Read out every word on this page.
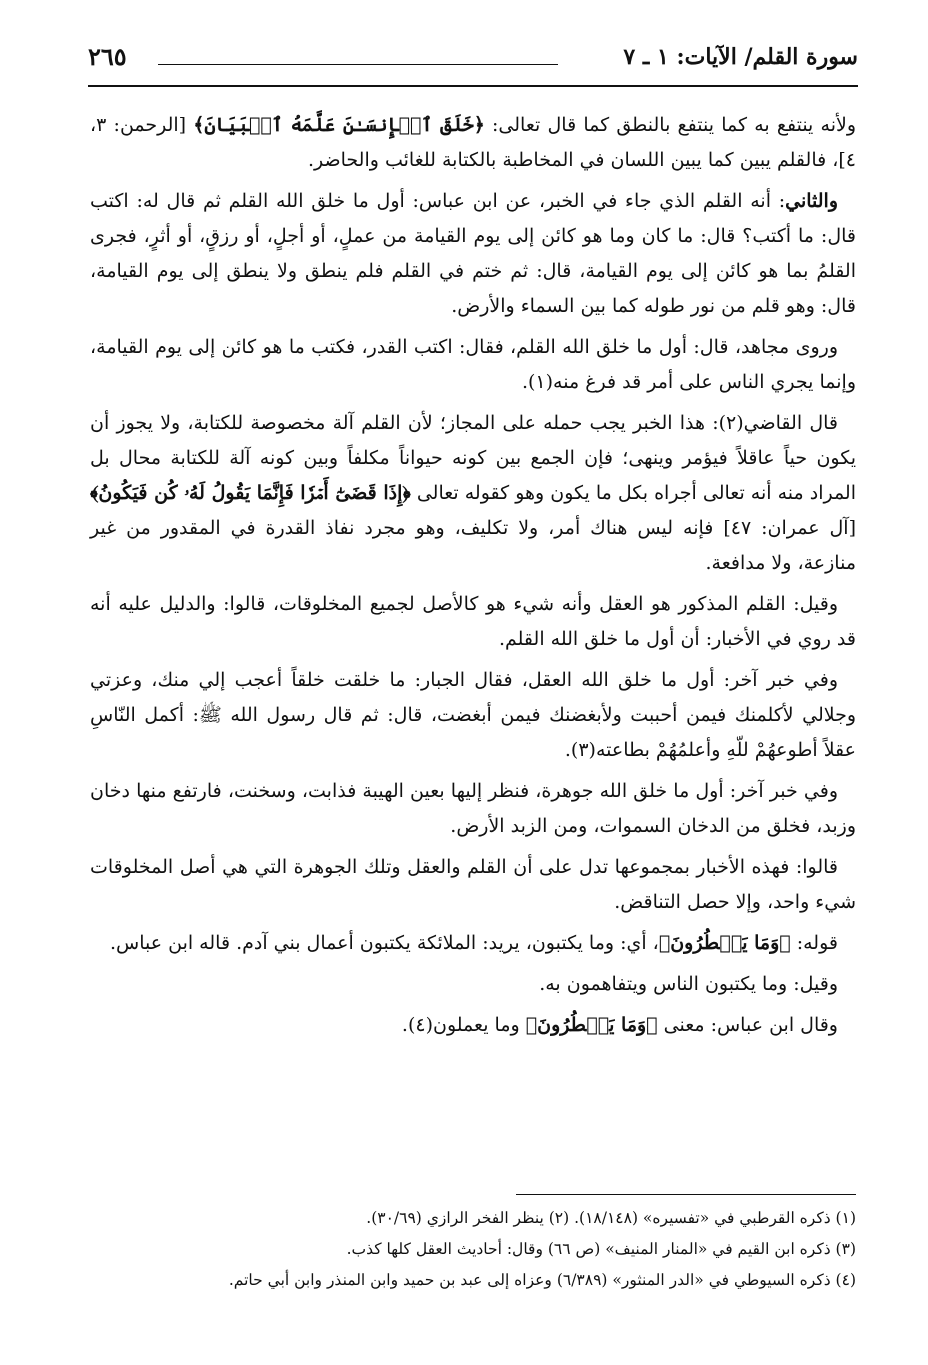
سورة القلم/ الآيات: ١ ـ ٧
٢٦٥

ولأنه ينتفع به كما ينتفع بالنطق كما قال تعالى: ﴿خَلَقَ ٱلۡإِنسَـٰنَ عَلَّمَهُ ٱلۡبَيَانَ﴾ [الرحمن: ٣، ٤]، فالقلم يبين كما يبين اللسان في المخاطبة بالكتابة للغائب والحاضر.

والثاني: أنه القلم الذي جاء في الخبر، عن ابن عباس: أول ما خلق الله القلم ثم قال له: اكتب قال: ما أكتب؟ قال: ما كان وما هو كائن إلى يوم القيامة من عملٍ، أو أجلٍ، أو رزقٍ، أو أثرٍ، فجرى القلمُ بما هو كائن إلى يوم القيامة، قال: ثم ختم في القلم فلم ينطق ولا ينطق إلى يوم القيامة، قال: وهو قلم من نور طوله كما بين السماء والأرض.

وروى مجاهد، قال: أول ما خلق الله القلم، فقال: اكتب القدر، فكتب ما هو كائن إلى يوم القيامة، وإنما يجري الناس على أمر قد فرغ منه(١).

قال القاضي(٢): هذا الخبر يجب حمله على المجاز؛ لأن القلم آلة مخصوصة للكتابة، ولا يجوز أن يكون حياً عاقلاً فيؤمر وينهى؛ فإن الجمع بين كونه حيواناً مكلفاً وبين كونه آلة للكتابة محال بل المراد منه أنه تعالى أجراه بكل ما يكون وهو كقوله تعالى ﴿إِذَا قَضَىٰٓ أَمۡرٗا فَإِنَّمَا يَقُولُ لَهُۥ كُن فَيَكُونُ﴾ [آل عمران: ٤٧] فإنه ليس هناك أمر، ولا تكليف، وهو مجرد نفاذ القدرة في المقدور من غير منازعة، ولا مدافعة.

وقيل: القلم المذكور هو العقل وأنه شيء هو كالأصل لجميع المخلوقات، قالوا: والدليل عليه أنه قد روي في الأخبار: أن أول ما خلق الله القلم.

وفي خبر آخر: أول ما خلق الله العقل، فقال الجبار: ما خلقت خلقاً أعجب إلي منك، وعزتي وجلالي لأكلمنك فيمن أحببت ولأبغضنك فيمن أبغضت، قال: ثم قال رسول الله ﷺ: أكمل النّاسِ عقلاً أطوعهُمْ للّهِ وأعلمُهُمْ بطاعته(٣).

وفي خبر آخر: أول ما خلق الله جوهرة، فنظر إليها بعين الهيبة فذابت، وسخنت، فارتفع منها دخان وزبد، فخلق من الدخان السموات، ومن الزبد الأرض.

قالوا: فهذه الأخبار بمجموعها تدل على أن القلم والعقل وتلك الجوهرة التي هي أصل المخلوقات شيء واحد، وإلا حصل التناقض.

قوله: ﴿وَمَا يَسۡطُرُونَ﴾، أي: وما يكتبون، يريد: الملائكة يكتبون أعمال بني آدم. قاله ابن عباس.

وقيل: وما يكتبون الناس ويتفاهمون به.

وقال ابن عباس: معنى ﴿وَمَا يَسۡطُرُونَ﴾ وما يعملون(٤).

(١) ذكره القرطبي في «تفسيره» (١٨/١٤٨). (٢) ينظر الفخر الرازي (٣٠/٦٩).

(٣) ذكره ابن القيم في «المنار المنيف» (ص ٦٦) وقال: أحاديث العقل كلها كذب.

(٤) ذكره السيوطي في «الدر المنثور» (٦/٣٨٩) وعزاه إلى عبد بن حميد وابن المنذر وابن أبي حاتم.
